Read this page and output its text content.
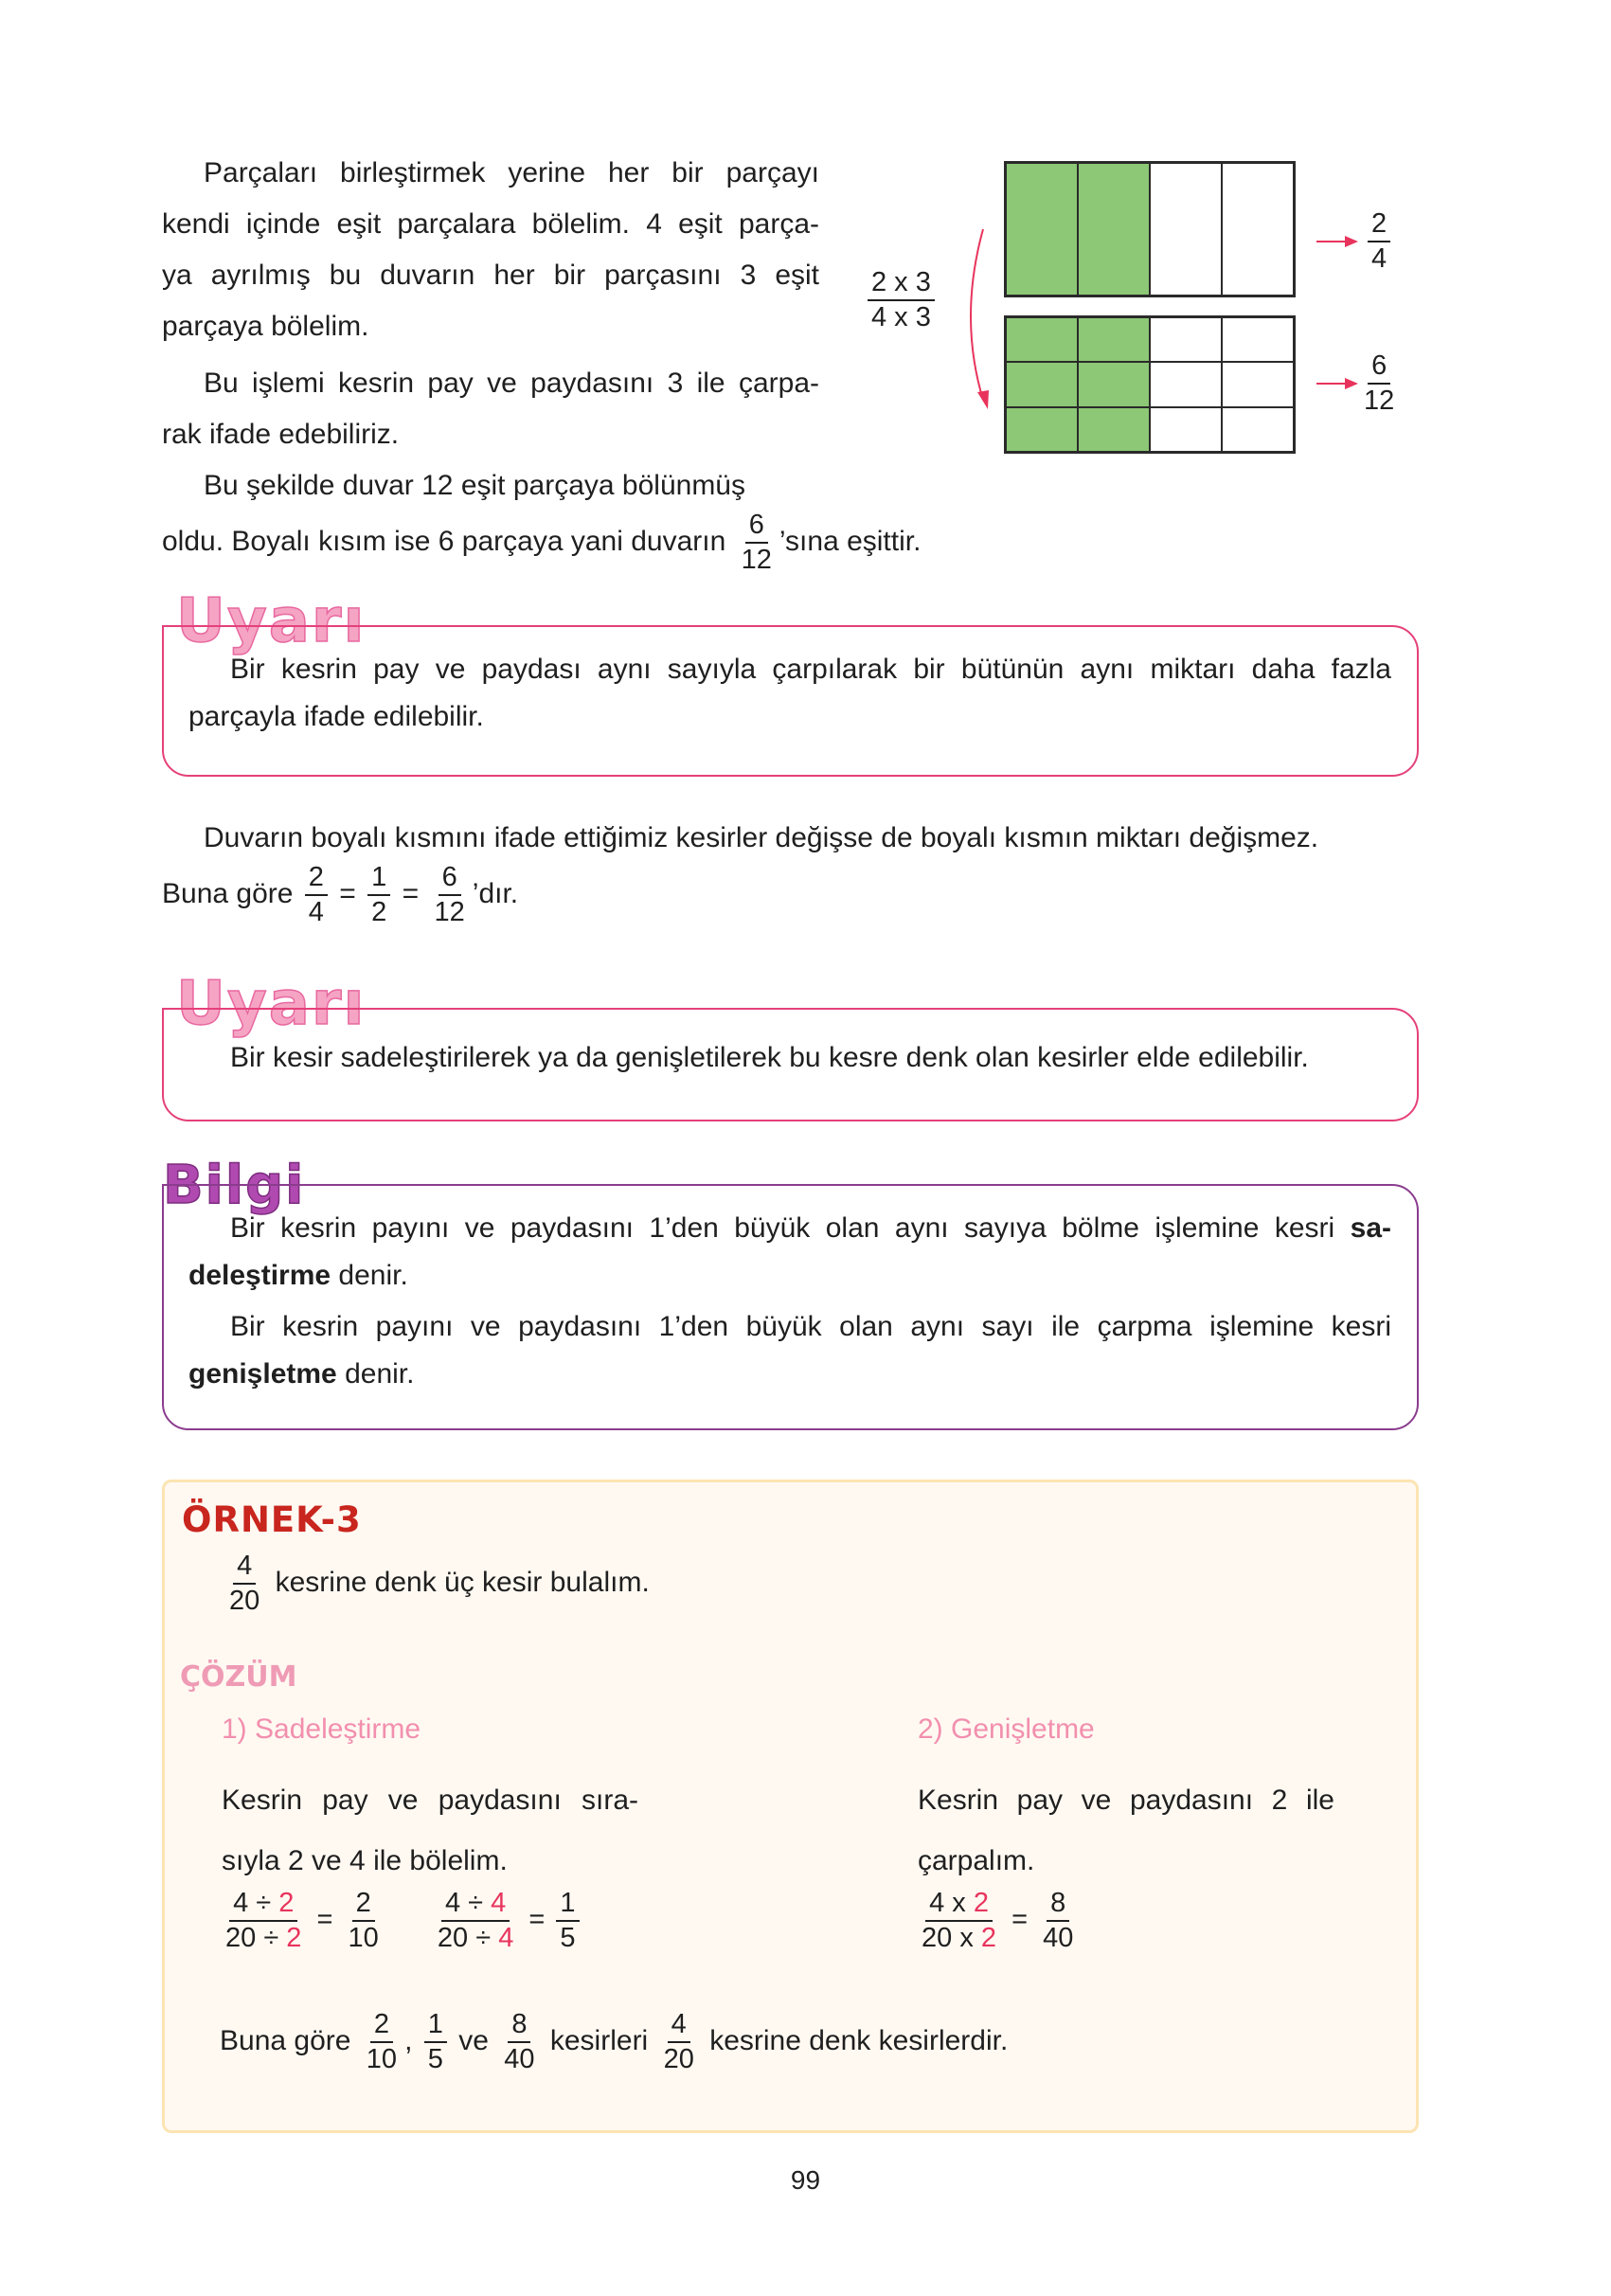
Parçaları birleştirmek yerine her bir parçayı
kendi içinde eşit parçalara bölelim. 4 eşit parça-
ya ayrılmış bu duvarın her bir parçasını 3 eşit
parçaya bölelim.
Bu işlemi kesrin pay ve paydasını 3 ile çarpa-
rak ifade edebiliriz.
Bu şekilde duvar 12 eşit parçaya bölünmüş
oldu. Boyalı kısım ise 6 parçaya yani duvarın $\frac{6}{12}$ ’sına eşittir.
$\frac{2 x 3}{4 x 3}$
$\frac{2}{4}$
$\frac{6}{12}$
Uyarı
Bir kesrin pay ve paydası aynı sayıyla çarpılarak bir bütünün aynı miktarı daha fazla
parçayla ifade edilebilir.
Duvarın boyalı kısmını ifade ettiğimiz kesirler değişse de boyalı kısmın miktarı değişmez.
Buna göre $\frac{2}{4} = \frac{1}{2} = \frac{6}{12}$ ’dır.
Uyarı
Bir kesir sadeleştirilerek ya da genişletilerek bu kesre denk olan kesirler elde edilebilir.
Bilgi
Bir kesrin payını ve paydasını 1’den büyük olan aynı sayıya bölme işlemine kesri sa-
deleştirme denir.
Bir kesrin payını ve paydasını 1’den büyük olan aynı sayı ile çarpma işlemine kesri
genişletme denir.
ÖRNEK-3
$\frac{4}{20}$ kesrine denk üç kesir bulalım.
ÇÖZÜM
1) Sadeleştirme
Kesrin pay ve paydasını sıra-
sıyla 2 ve 4 ile bölelim.
$\frac{4 \div 2}{20 \div 2} = \frac{2}{10}$
$\frac{4 \div 4}{20 \div 4} = \frac{1}{5}$
2) Genişletme
Kesrin pay ve paydasını 2 ile
çarpalım.
$\frac{4 x 2}{20 x 2} = \frac{8}{40}$
Buna göre $\frac{2}{10}$ , $\frac{1}{5}$ ve $\frac{8}{40}$ kesirleri $\frac{4}{20}$ kesrine denk kesirlerdir.
99
